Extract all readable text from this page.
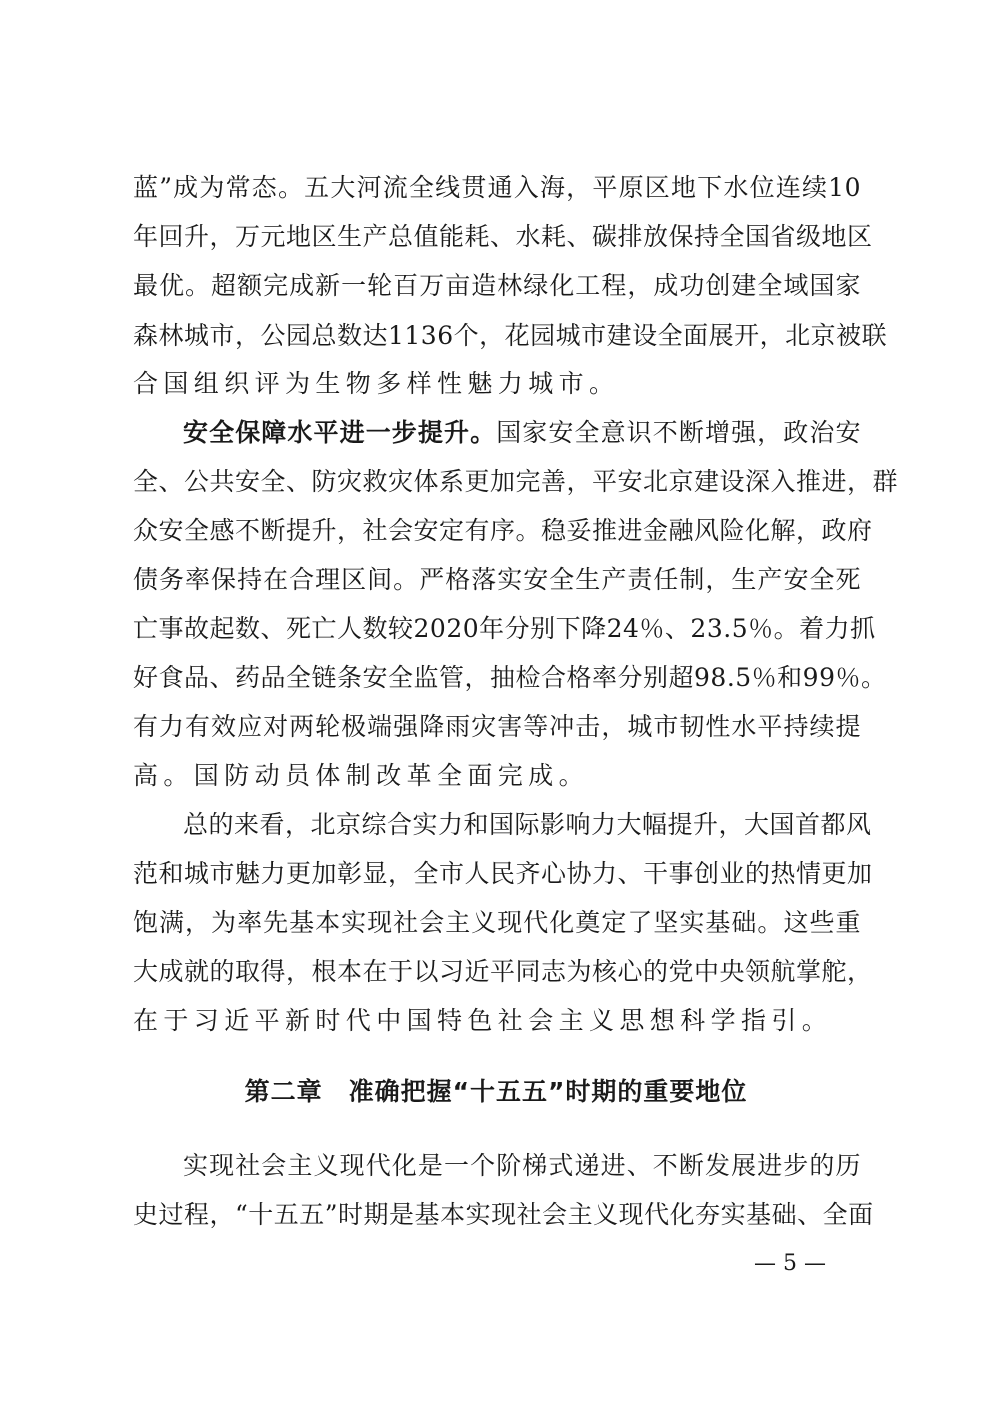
蓝”成为常态。五大河流全线贯通入海，平原区地下水位连续10
年回升，万元地区生产总值能耗、水耗、碳排放保持全国省级地区
最优。超额完成新一轮百万亩造林绿化工程，成功创建全域国家
森林城市，公园总数达1136个，花园城市建设全面展开，北京被联
合国组织评为生物多样性魅力城市。
安全保障水平进一步提升。国家安全意识不断增强，政治安
全、公共安全、防灾救灾体系更加完善，平安北京建设深入推进，群
众安全感不断提升，社会安定有序。稳妥推进金融风险化解，政府
债务率保持在合理区间。严格落实安全生产责任制，生产安全死
亡事故起数、死亡人数较2020年分别下降24％、23.5％。着力抓
好食品、药品全链条安全监管，抽检合格率分别超98.5％和99％。
有力有效应对两轮极端强降雨灾害等冲击，城市韧性水平持续提
高。国防动员体制改革全面完成。
总的来看，北京综合实力和国际影响力大幅提升，大国首都风
范和城市魅力更加彰显，全市人民齐心协力、干事创业的热情更加
饱满，为率先基本实现社会主义现代化奠定了坚实基础。这些重
大成就的取得，根本在于以习近平同志为核心的党中央领航掌舵，
在于习近平新时代中国特色社会主义思想科学指引。
第二章　准确把握“十五五”时期的重要地位
实现社会主义现代化是一个阶梯式递进、不断发展进步的历
史过程，“十五五”时期是基本实现社会主义现代化夯实基础、全面
— 5 —
